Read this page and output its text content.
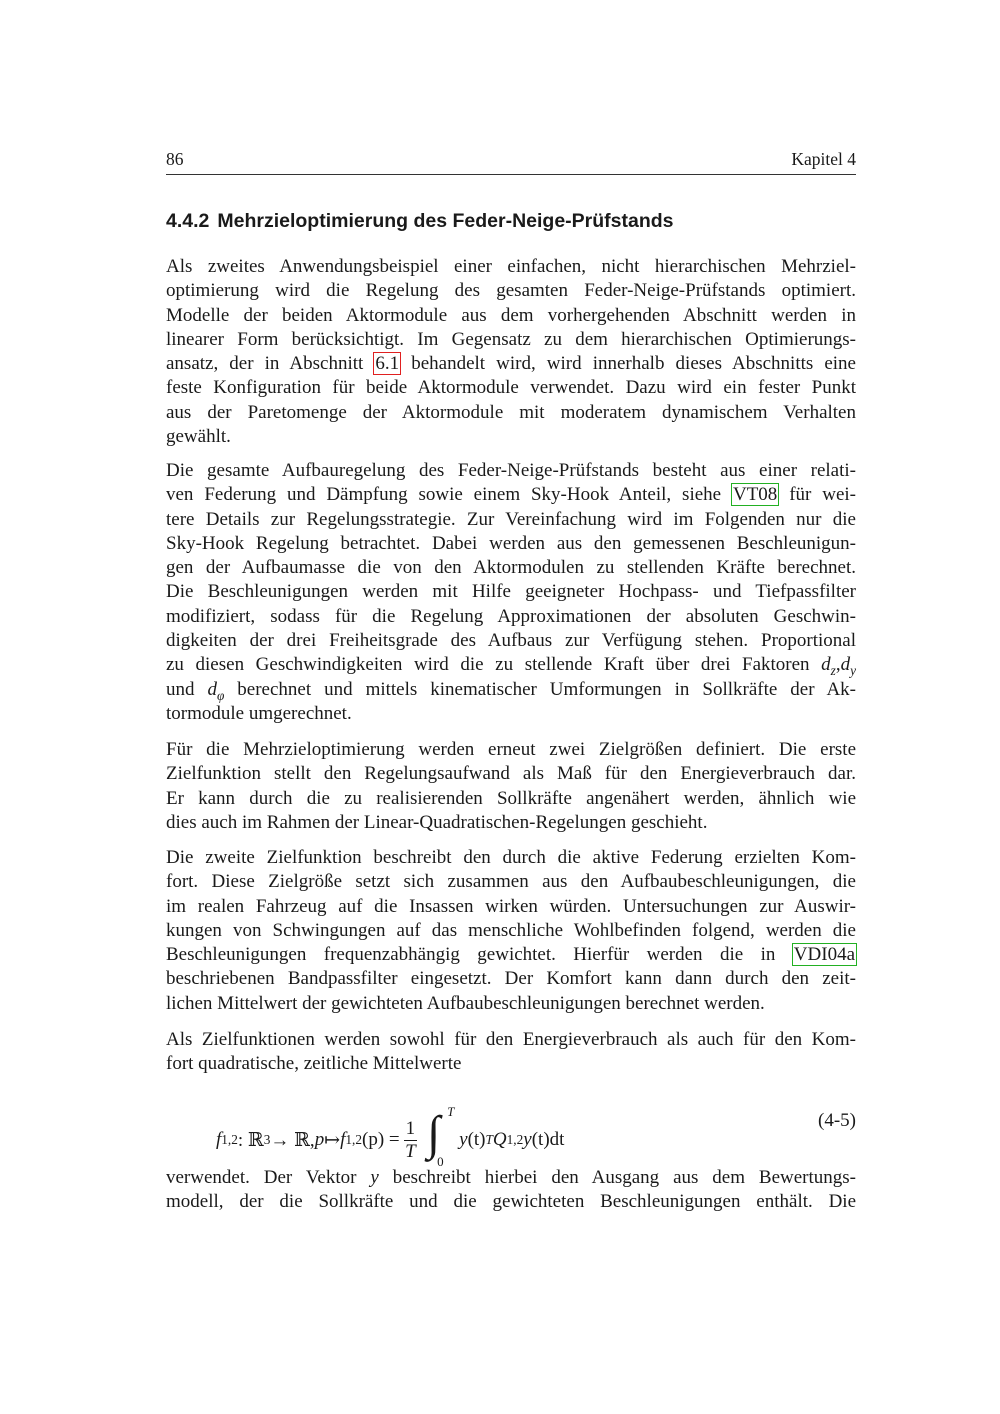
86	Kapitel 4
4.4.2 Mehrzieloptimierung des Feder-Neige-Prüfstands
Als zweites Anwendungsbeispiel einer einfachen, nicht hierarchischen Mehrziel-
optimierung wird die Regelung des gesamten Feder-Neige-Prüfstands optimiert.
Modelle der beiden Aktormodule aus dem vorhergehenden Abschnitt werden in
linearer Form berücksichtigt. Im Gegensatz zu dem hierarchischen Optimierungs-
ansatz, der in Abschnitt 6.1 behandelt wird, wird innerhalb dieses Abschnitts eine
feste Konfiguration für beide Aktormodule verwendet. Dazu wird ein fester Punkt
aus der Paretomenge der Aktormodule mit moderatem dynamischem Verhalten
gewählt.
Die gesamte Aufbauregelung des Feder-Neige-Prüfstands besteht aus einer relati-
ven Federung und Dämpfung sowie einem Sky-Hook Anteil, siehe VT08 für wei-
tere Details zur Regelungsstrategie. Zur Vereinfachung wird im Folgenden nur die
Sky-Hook Regelung betrachtet. Dabei werden aus den gemessenen Beschleunigun-
gen der Aufbaumasse die von den Aktormodulen zu stellenden Kräfte berechnet.
Die Beschleunigungen werden mit Hilfe geeigneter Hochpass- und Tiefpassfilter
modifiziert, sodass für die Regelung Approximationen der absoluten Geschwin-
digkeiten der drei Freiheitsgrade des Aufbaus zur Verfügung stehen. Proportional
zu diesen Geschwindigkeiten wird die zu stellende Kraft über drei Faktoren $d_z,d_y$
und $d_\varphi$ berechnet und mittels kinematischer Umformungen in Sollkräfte der Ak-
tormodule umgerechnet.
Für die Mehrzieloptimierung werden erneut zwei Zielgrößen definiert. Die erste
Zielfunktion stellt den Regelungsaufwand als Maß für den Energieverbrauch dar.
Er kann durch die zu realisierenden Sollkräfte angenähert werden, ähnlich wie
dies auch im Rahmen der Linear-Quadratischen-Regelungen geschieht.
Die zweite Zielfunktion beschreibt den durch die aktive Federung erzielten Kom-
fort. Diese Zielgröße setzt sich zusammen aus den Aufbaubeschleunigungen, die
im realen Fahrzeug auf die Insassen wirken würden. Untersuchungen zur Auswir-
kungen von Schwingungen auf das menschliche Wohlbefinden folgend, werden die
Beschleunigungen frequenzabhängig gewichtet. Hierfür werden die in VDI04a
beschriebenen Bandpassfilter eingesetzt. Der Komfort kann dann durch den zeit-
lichen Mittelwert der gewichteten Aufbaubeschleunigungen berechnet werden.
Als Zielfunktionen werden sowohl für den Energieverbrauch als auch für den Kom-
fort quadratische, zeitliche Mittelwerte
f 1,2 : ℝ 3 → ℝ, p ↦ f 1,2 $(p) = \frac{1}{T}$ ∫ T
0
y (t) T Q 1,2 y (t)dt
(4-5)
verwendet. Der Vektor y beschreibt hierbei den Ausgang aus dem Bewertungs-
modell, der die Sollkräfte und die gewichteten Beschleunigungen enthält. Die
